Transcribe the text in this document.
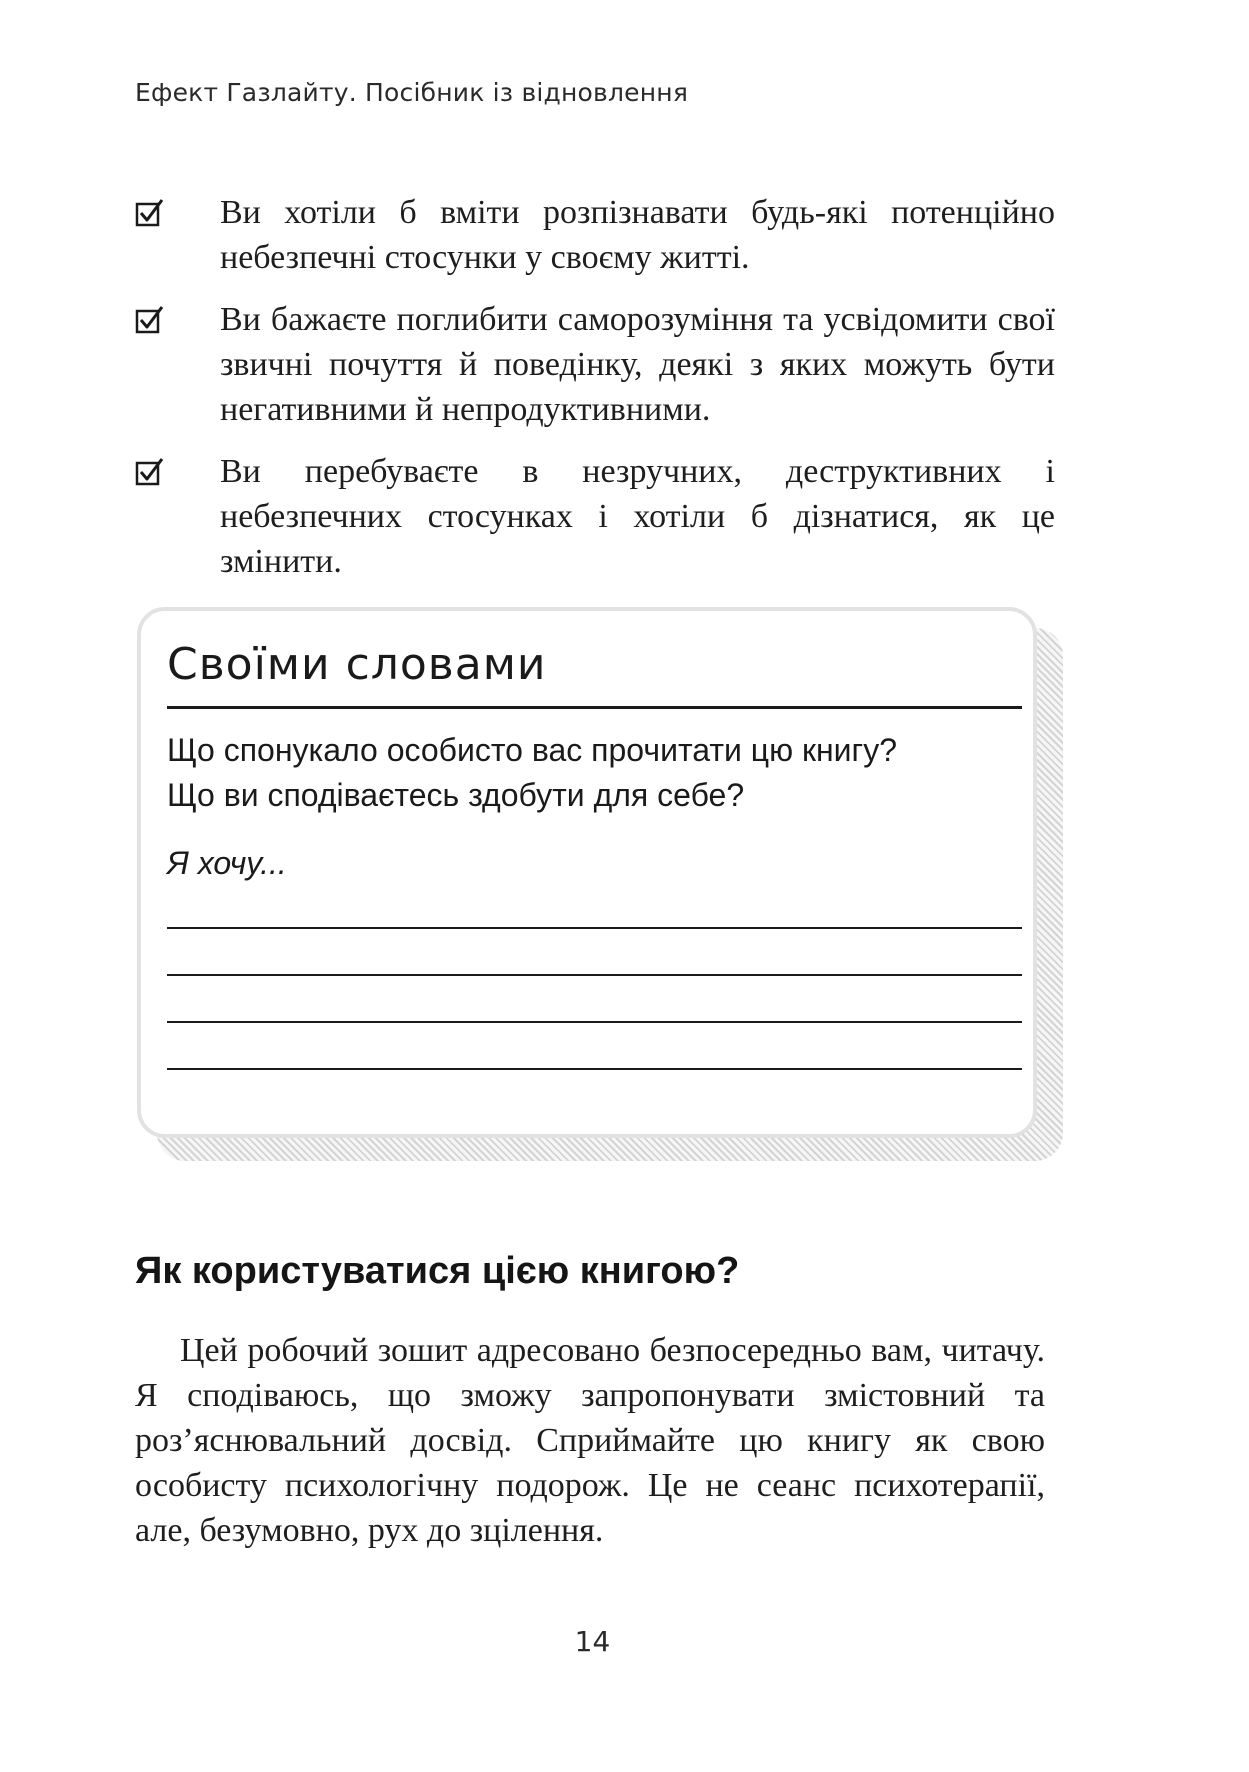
Ефект Газлайту. Посібник із відновлення
Ви хотіли б вміти розпізнавати будь-які потенційно небезпечні стосунки у своєму житті.
Ви бажаєте поглибити саморозуміння та усвідомити свої звичні почуття й поведінку, деякі з яких можуть бути негативними й непродуктивними.
Ви перебуваєте в незручних, деструктивних і небезпечних стосунках і хотіли б дізнатися, як це змінити.
Своїми словами

Що спонукало особисто вас прочитати цю книгу?
Що ви сподіваєтесь здобути для себе?

Я хочу...

Як користуватися цією книгою?

Цей робочий зошит адресовано безпосередньо вам, читачу. Я сподіваюсь, що зможу запропонувати змістовний та роз’яснювальний досвід. Сприймайте цю книгу як свою особисту психологічну подорож. Це не сеанс психотерапії, але, безумовно, рух до зцілення.

14
